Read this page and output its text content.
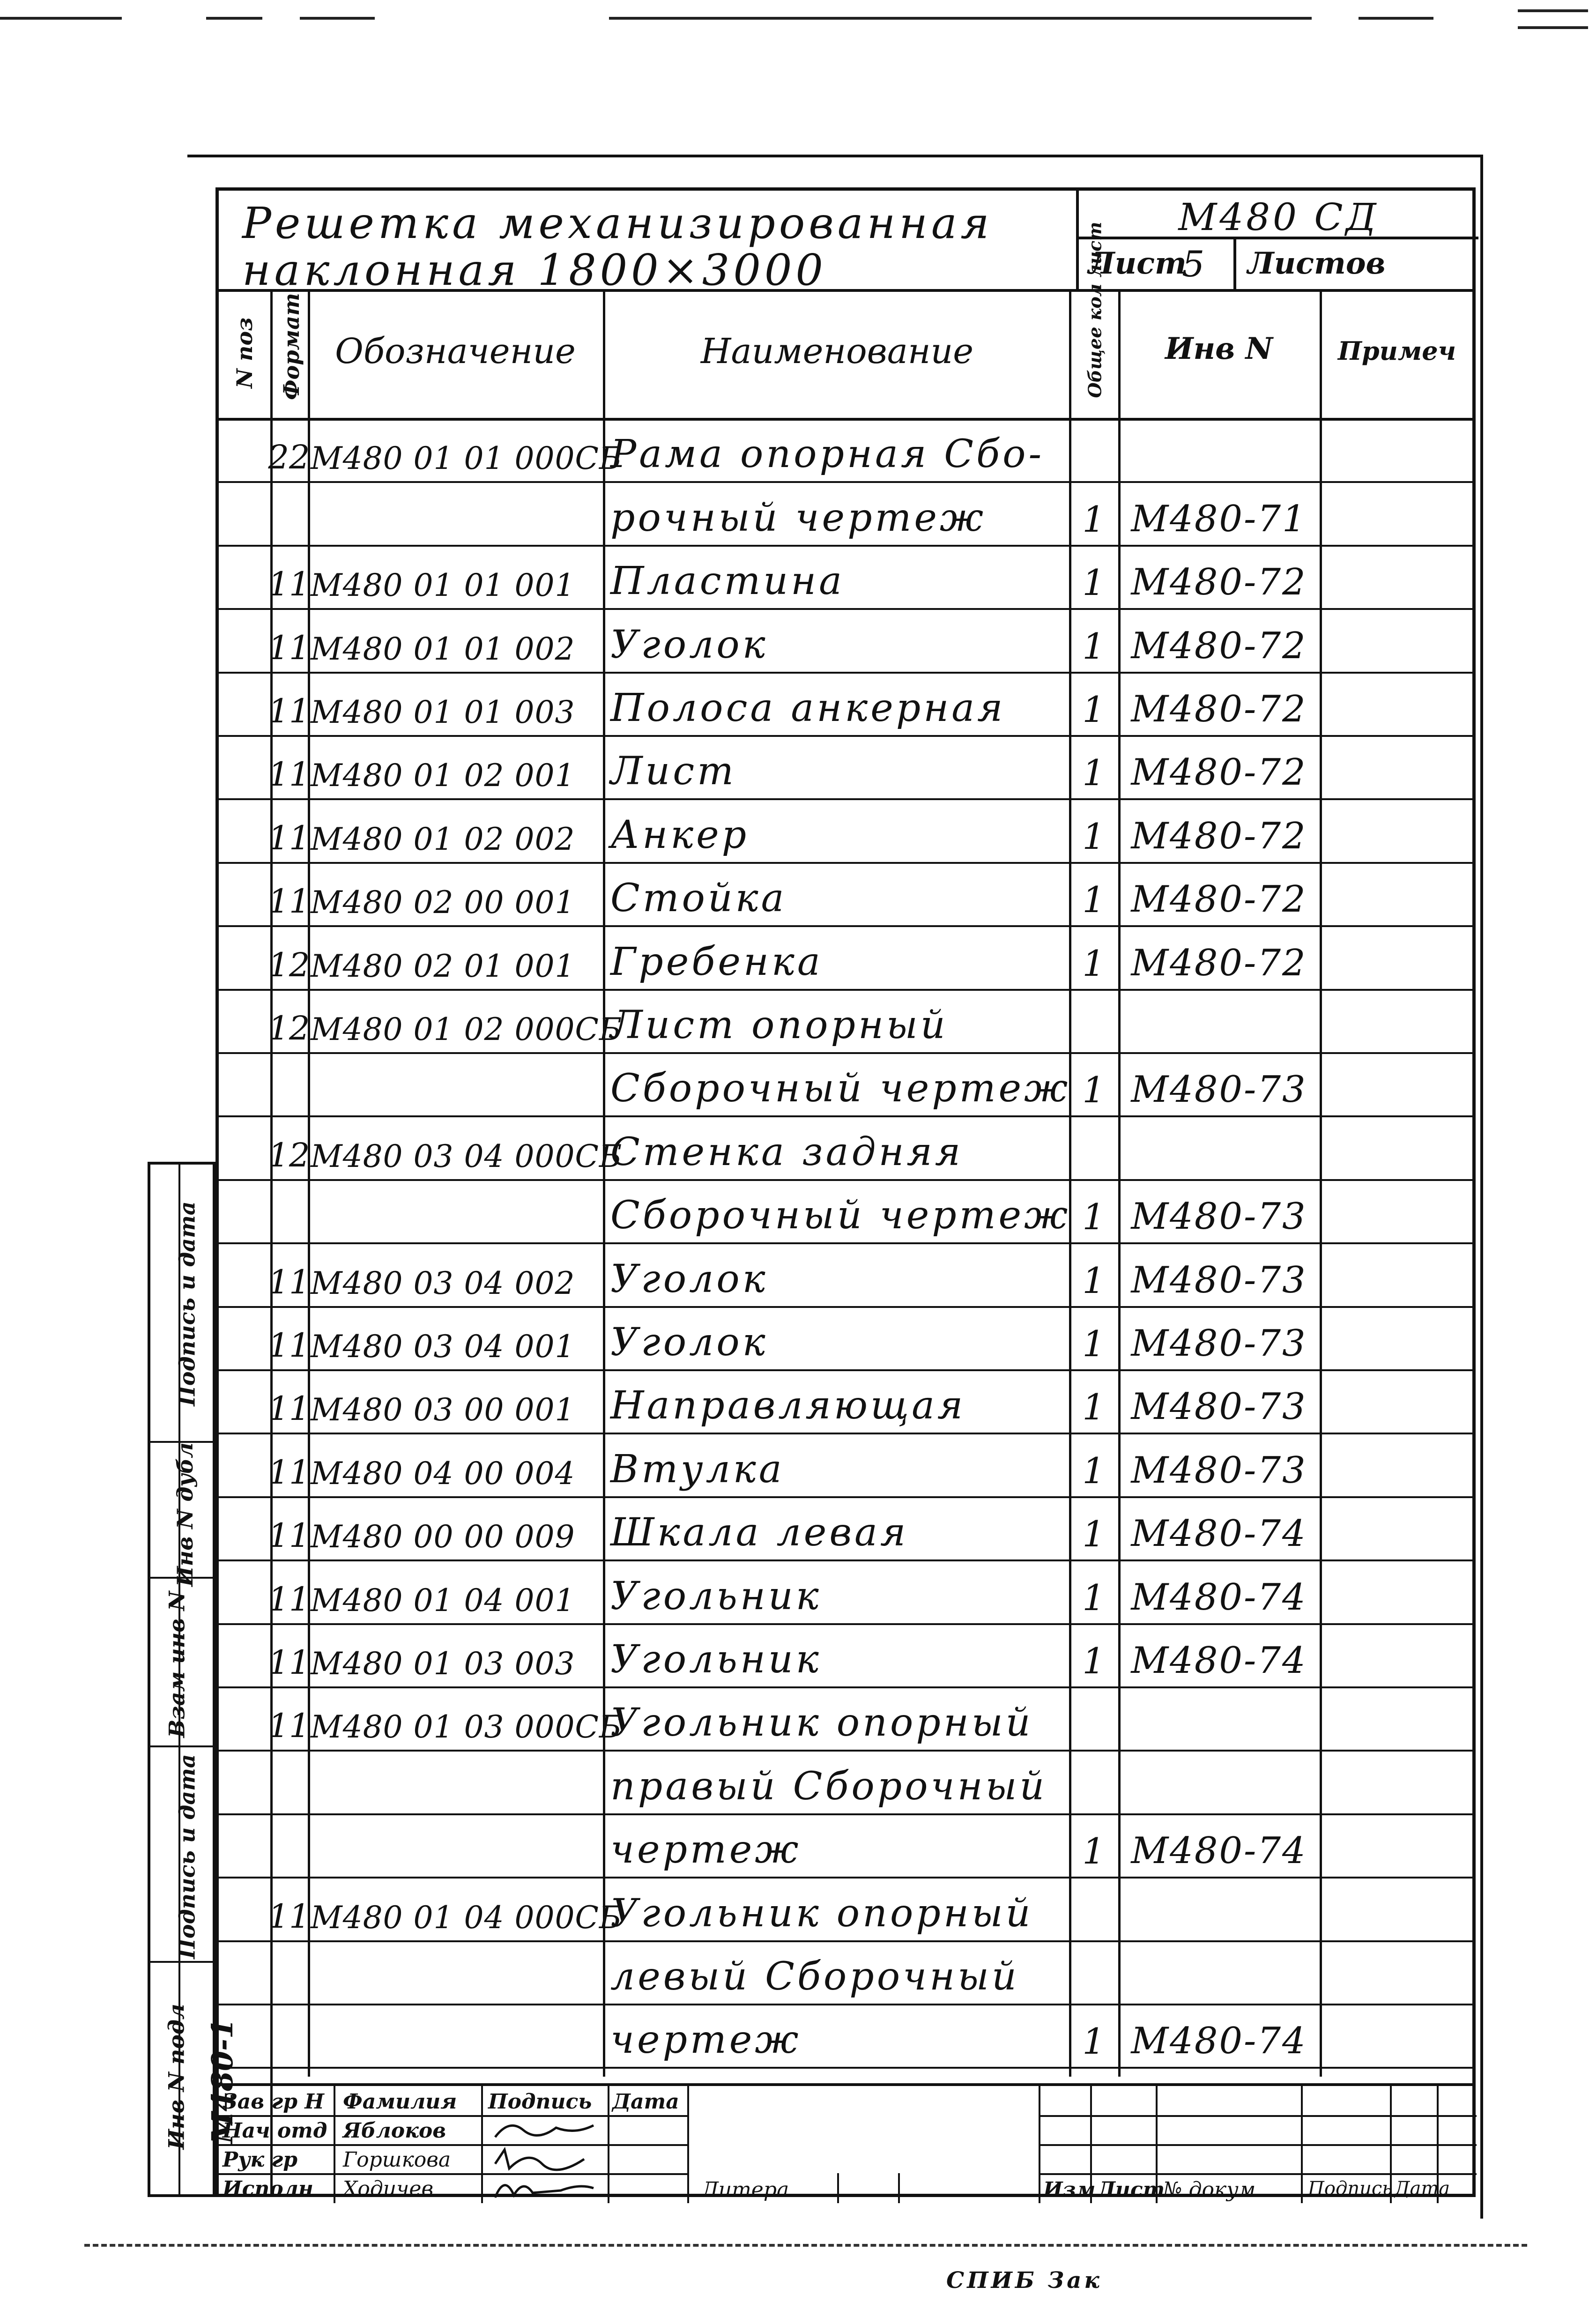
Подпись и дата
Инв N дубл
Взам инв N
Подпись и дата
Инв N подл М480-1
Решетка механизированная
наклонная 1800×3000
М480 СД
Лист
5 Листов
N поз Формат Обозначение	Наименование	Общее кол лист	Инв N	Примеч
22 М480 01 01 000СБ
Рама опорная Сбо-
рочный чертеж	1 М480-71
11 М480 01 01 001 Пластина	1 М480-72
11 М480 01 01 002 Уголок	1 М480-72
11 М480 01 01 003 Полоса анкерная	1 М480-72
11 М480 01 02 001 Лист	1 М480-72
11 М480 01 02 002 Анкер	1 М480-72
11 М480 02 00 001 Стойка	1 М480-72
12 М480 02 01 001 Гребенка	1 М480-72
12 М480 01 02 000СБ
Лист опорный
Сборочный чертеж 1 М480-73
12 М480 03 04 000СБ
Стенка задняя
Сборочный чертеж 1 М480-73
11 М480 03 04 002 Уголок	1 М480-73
11 М480 03 04 001 Уголок	1 М480-73
11 М480 03 00 001 Направляющая	1 М480-73
11 М480 04 00 004 Втулка	1 М480-73
11 М480 00 00 009 Шкала левая	1 М480-74
11 М480 01 04 001 Угольник	1 М480-74
11 М480 01 03 003 Угольник	1 М480-74
11 М480 01 03 000СБ
Угольник опорный
правый Сборочный
чертеж	1 М480-74
11 М480 01 04 000СБ
Угольник опорный
левый Сборочный
чертеж	1 М480-74
Зав гр Н Фамилия Подпись Дата
Нач отд Яблоков
Рук гр Горшкова
Исполн Ходичев	Литера	Изм Лист
№ докум	Подпись Дата
СПИБ Зак
